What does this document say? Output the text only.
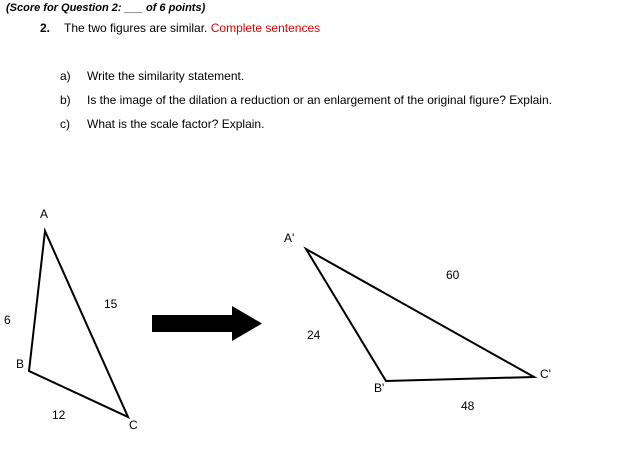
(Score for Question 2: ___ of 6 points)
2. The two figures are similar. Complete sentences
a) Write the similarity statement.
b) Is the image of the dilation a reduction or an enlargement of the original figure? Explain.
c) What is the scale factor? Explain.
A
B
C
15
6
12
A'
B'
C'
60
24
48
